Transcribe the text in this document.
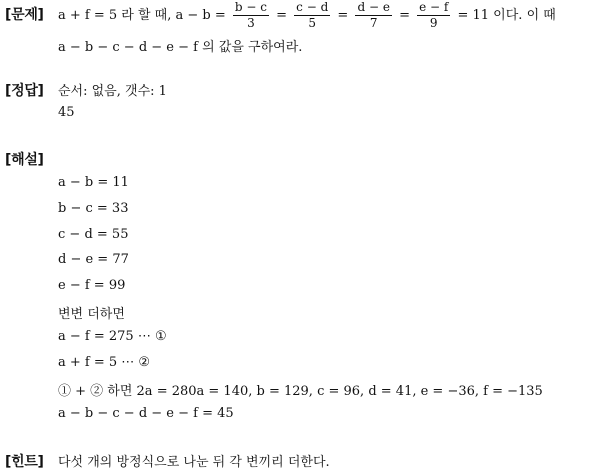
[문제] a + f = 5 라 할 때, $a - b = \frac{b - c}{3} = \frac{c - d}{5} = \frac{d - e}{7} = \frac{e - f}{9} = 11$ 이다. 이 때
a − b − c − d − e − f 의 값을 구하여라.
[정답] 순서: 없음, 갯수: 1
45
[해설]
a − b = 11
b − c = 33
c − d = 55
d − e = 77
e − f = 99
변변 더하면
a − f = 275 ⋯ ①
a + f = 5 ⋯ ②
① + ② 하면 2a = 280a = 140, b = 129, c = 96, d = 41, e = −36, f = −135
a − b − c − d − e − f = 45
[힌트] 다섯 개의 방정식으로 나눈 뒤 각 변끼리 더한다.
